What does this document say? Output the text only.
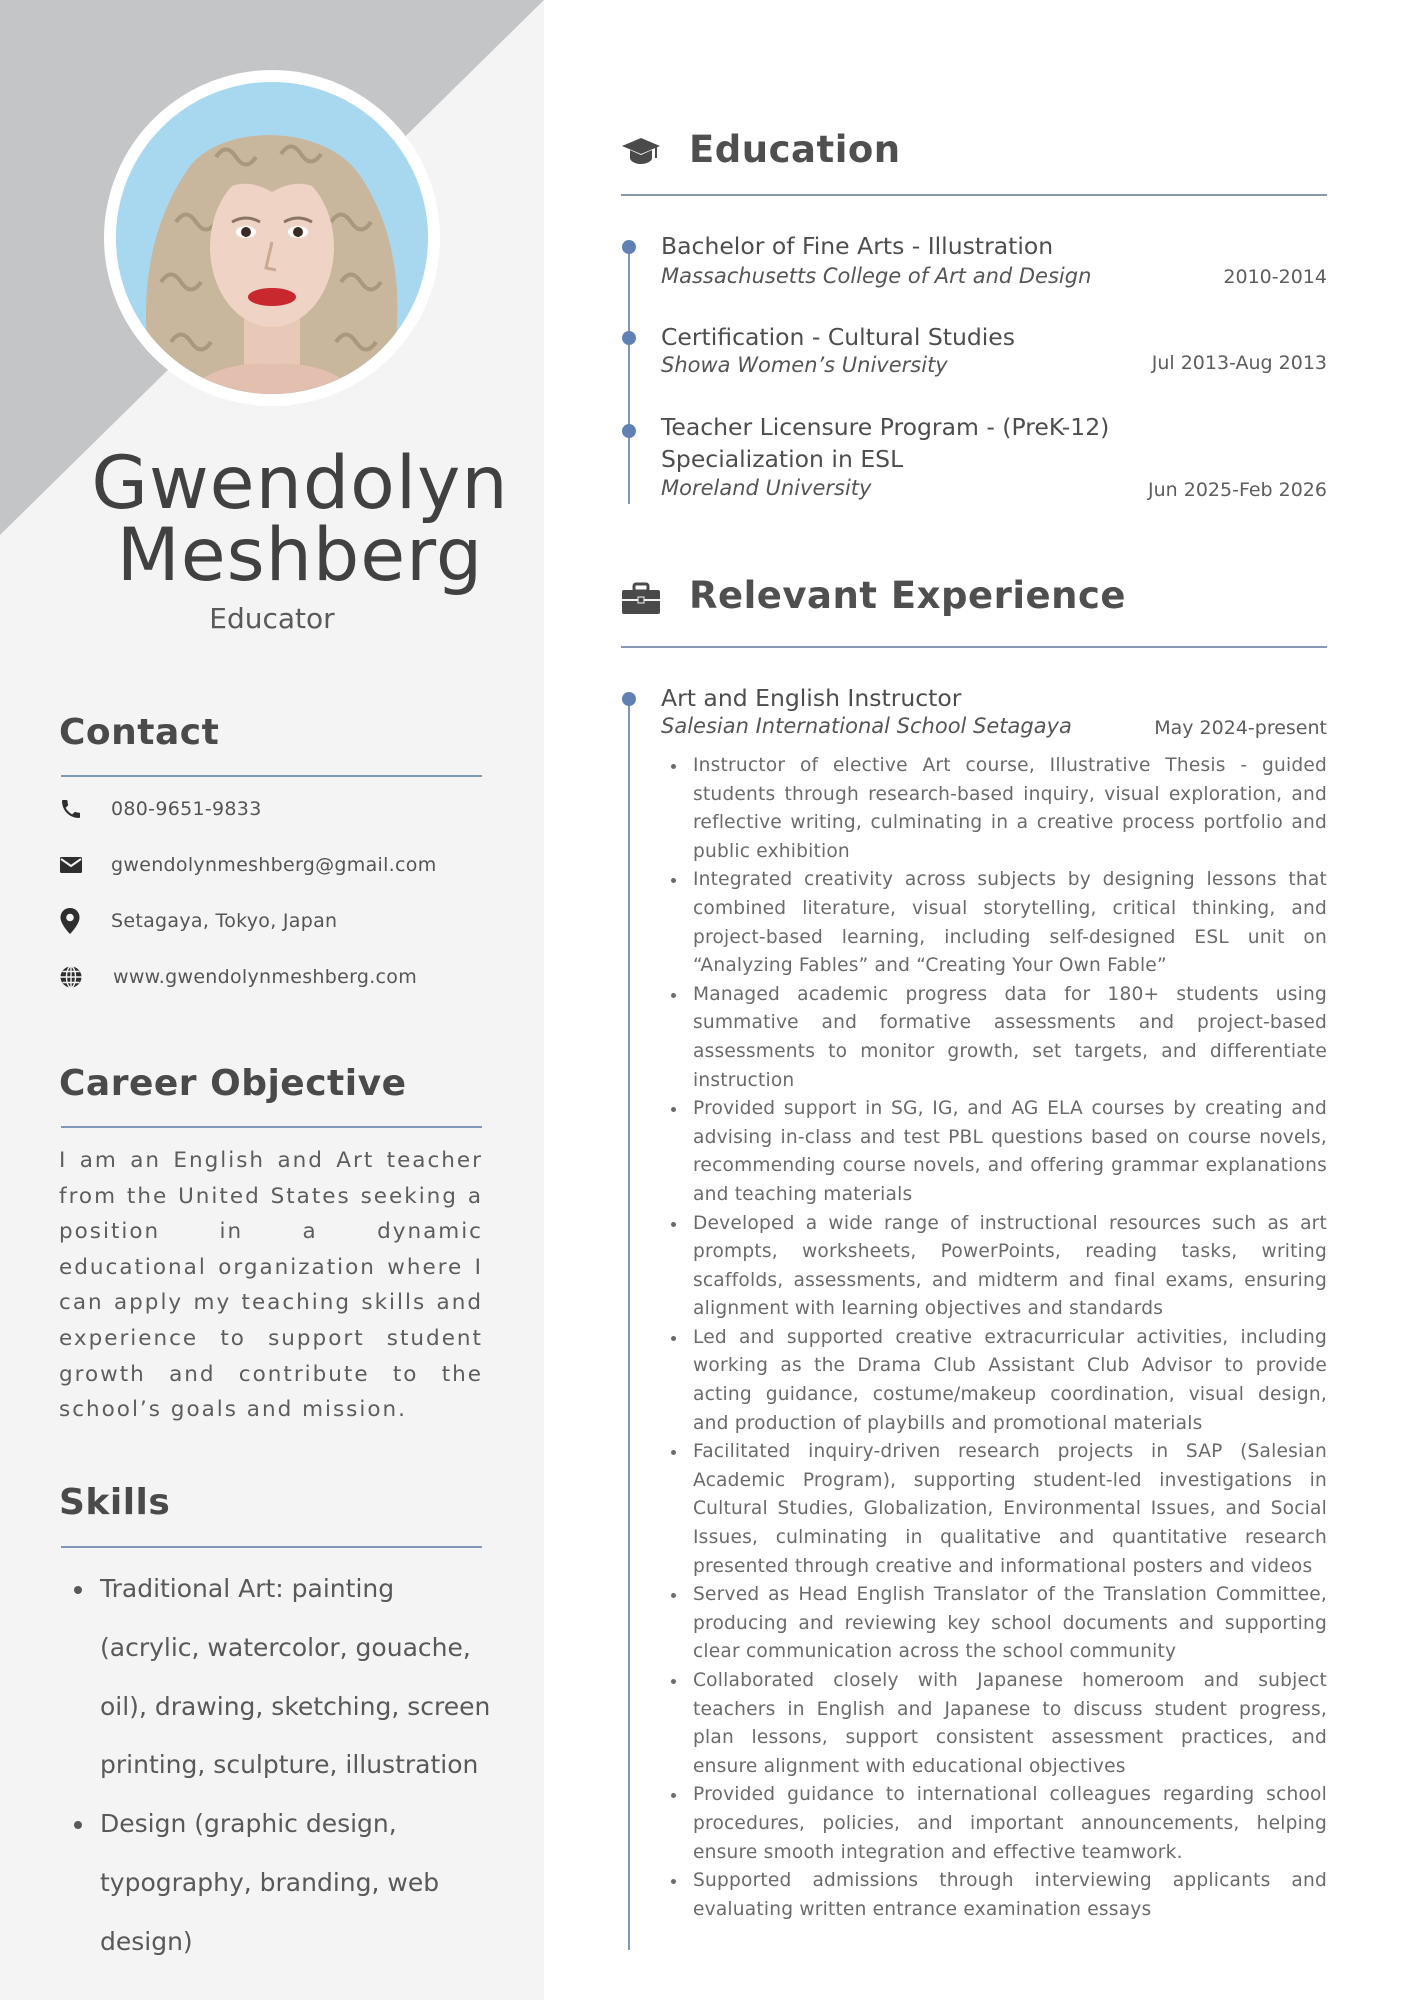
Gwendolyn
Meshberg
Educator
Contact
080-9651-9833
gwendolynmeshberg@gmail.com
Setagaya, Tokyo, Japan
www.gwendolynmeshberg.com
Career Objective
I am an English and Art teacher from the United States seeking a position in a dynamic educational organization where I can apply my teaching skills and experience to support student growth and contribute to the school’s goals and mission.
Skills
Traditional Art: painting (acrylic, watercolor, gouache, oil), drawing, sketching, screen printing, sculpture, illustration
Design (graphic design, typography, branding, web design)
Education
Bachelor of Fine Arts - Illustration
Massachusetts College of Art and Design	2010-2014
Certification - Cultural Studies
Showa Women’s University	Jul 2013-Aug 2013
Teacher Licensure Program - (PreK-12)
Specialization in ESL
Moreland University	Jun 2025-Feb 2026
Relevant Experience
Art and English Instructor
Salesian International School Setagaya	May 2024-present
Instructor of elective Art course, Illustrative Thesis - guided students through research-based inquiry, visual exploration, and reflective writing, culminating in a creative process portfolio and public exhibition
Integrated creativity across subjects by designing lessons that combined literature, visual storytelling, critical thinking, and project-based learning, including self-designed ESL unit on “Analyzing Fables” and “Creating Your Own Fable”
Managed academic progress data for 180+ students using summative and formative assessments and project-based assessments to monitor growth, set targets, and differentiate instruction
Provided support in SG, IG, and AG ELA courses by creating and advising in-class and test PBL questions based on course novels, recommending course novels, and offering grammar explanations and teaching materials
Developed a wide range of instructional resources such as art prompts, worksheets, PowerPoints, reading tasks, writing scaffolds, assessments, and midterm and final exams, ensuring alignment with learning objectives and standards
Led and supported creative extracurricular activities, including working as the Drama Club Assistant Club Advisor to provide acting guidance, costume/makeup coordination, visual design, and production of playbills and promotional materials
Facilitated inquiry-driven research projects in SAP (Salesian Academic Program), supporting student-led investigations in Cultural Studies, Globalization, Environmental Issues, and Social Issues, culminating in qualitative and quantitative research presented through creative and informational posters and videos
Served as Head English Translator of the Translation Committee, producing and reviewing key school documents and supporting clear communication across the school community
Collaborated closely with Japanese homeroom and subject teachers in English and Japanese to discuss student progress, plan lessons, support consistent assessment practices, and ensure alignment with educational objectives
Provided guidance to international colleagues regarding school procedures, policies, and important announcements, helping ensure smooth integration and effective teamwork.
Supported admissions through interviewing applicants and evaluating written entrance examination essays
